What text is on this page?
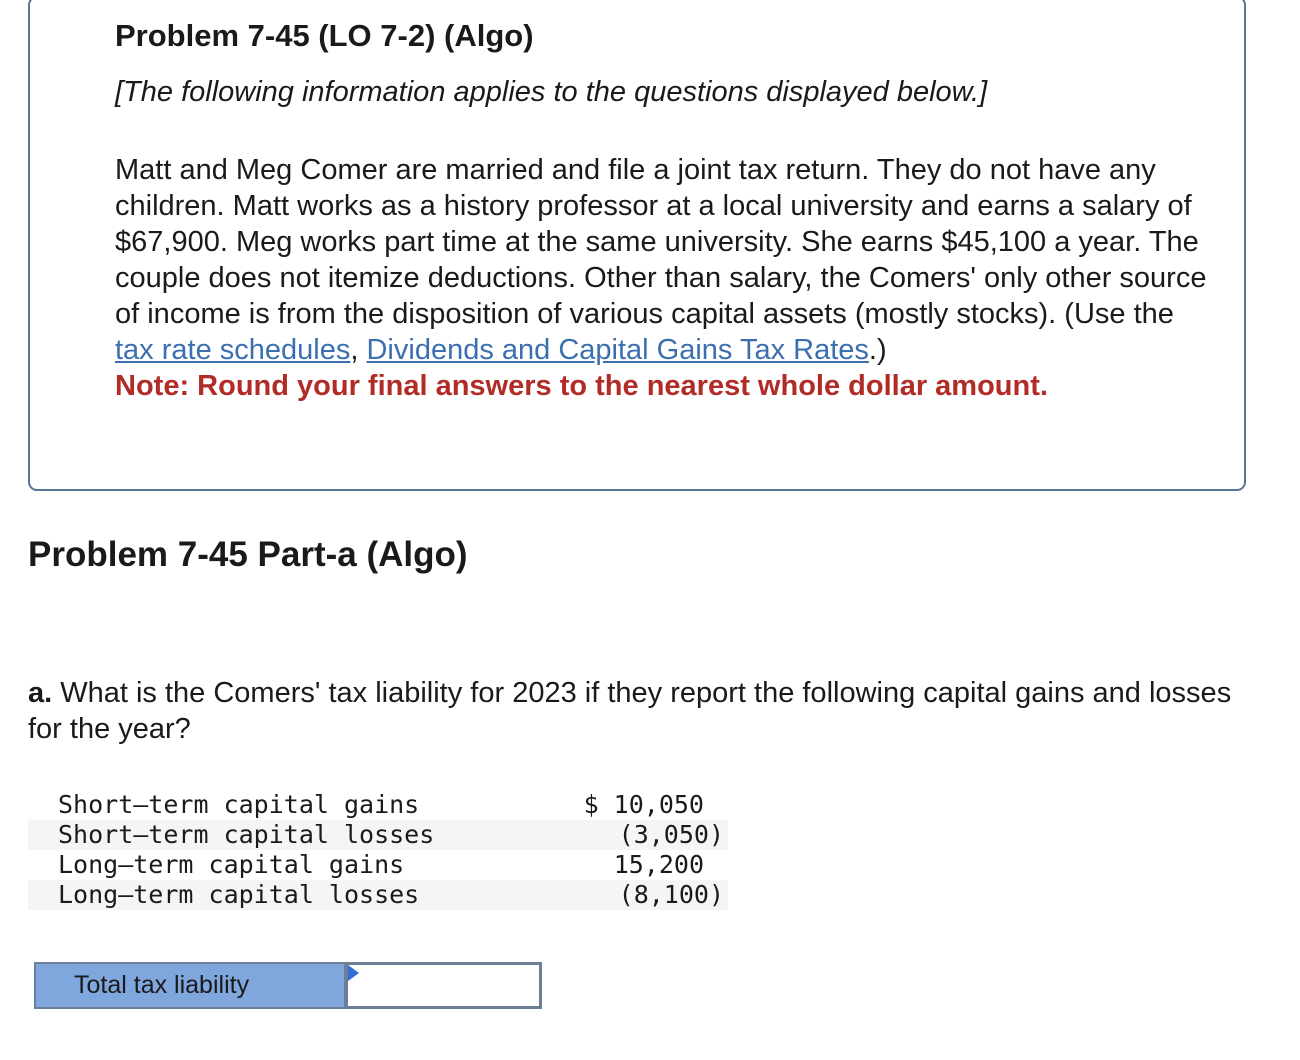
Problem 7-45 (LO 7-2) (Algo)

[The following information applies to the questions displayed below.]

Matt and Meg Comer are married and file a joint tax return. They do not have any children. Matt works as a history professor at a local university and earns a salary of $67,900. Meg works part time at the same university. She earns $45,100 a year. The couple does not itemize deductions. Other than salary, the Comers' only other source of income is from the disposition of various capital assets (mostly stocks). (Use the tax rate schedules, Dividends and Capital Gains Tax Rates.)
Note: Round your final answers to the nearest whole dollar amount.

Problem 7-45 Part-a (Algo)

a. What is the Comers' tax liability for 2023 if they report the following capital gains and losses for the year?

Short–term capital gains	$ 10,050
Short–term capital losses	(3,050)
Long–term capital gains	15,200
Long–term capital losses	(8,100)
Total tax liability
